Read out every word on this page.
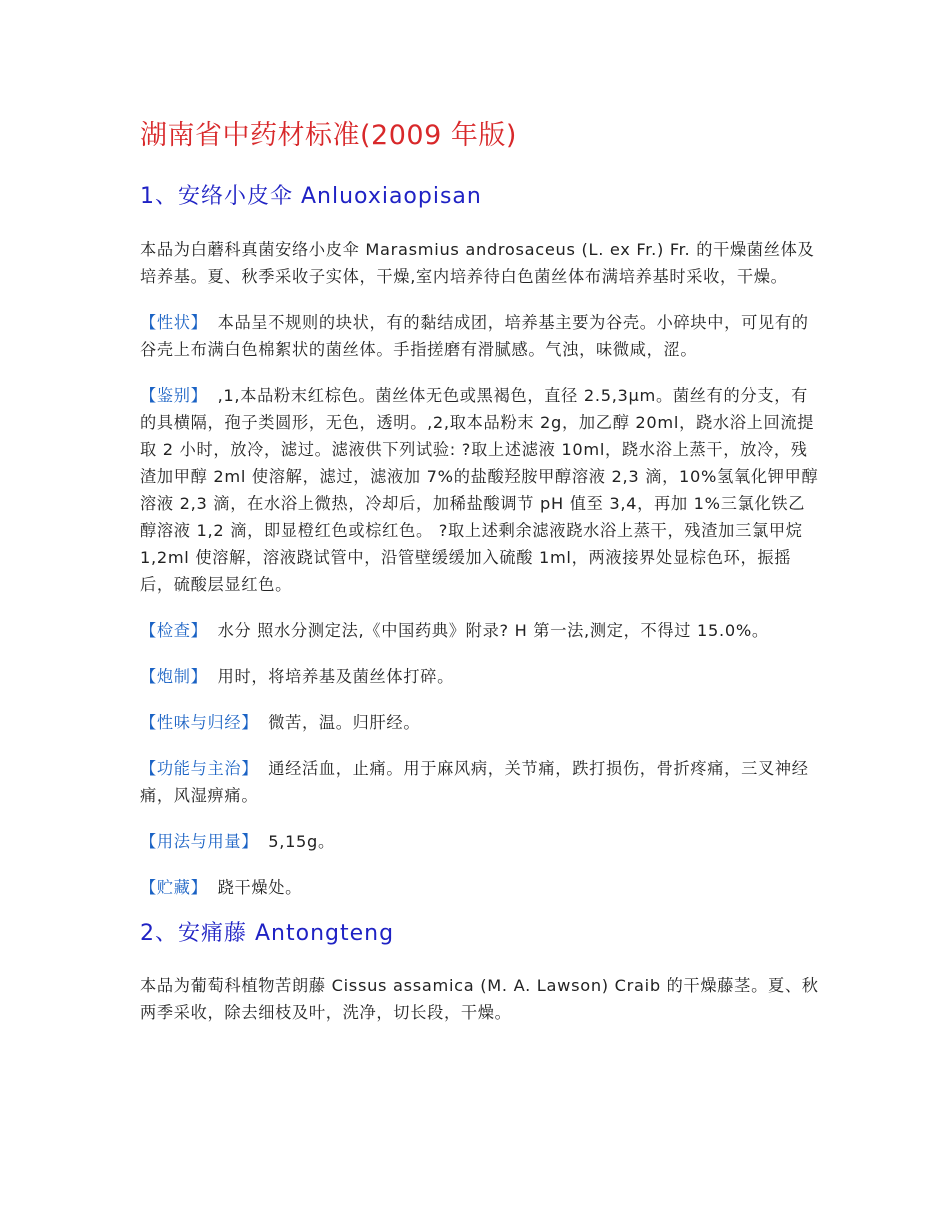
湖南省中药材标准(2009 年版)
1、安络小皮伞 Anluoxiaopisan

本品为白蘑科真菌安络小皮伞 Marasmius androsaceus (L. ex Fr.) Fr. 的干燥菌丝体及培养基。夏、秋季采收子实体，干燥,室内培养待白色菌丝体布满培养基时采收，干燥。

【性状】 本品呈不规则的块状，有的黏结成团，培养基主要为谷壳。小碎块中，可见有的谷壳上布满白色棉絮状的菌丝体。手指搓磨有滑腻感。气浊，味微咸，涩。

【鉴别】 ,1,本品粉末红棕色。菌丝体无色或黑褐色，直径 2.5,3μm。菌丝有的分支，有的具横隔，孢子类圆形，无色，透明。,2,取本品粉末 2g，加乙醇 20ml，跷水浴上回流提取 2 小时，放冷，滤过。滤液供下列试验: ?取上述滤液 10ml，跷水浴上蒸干，放冷，残渣加甲醇 2ml 使溶解，滤过，滤液加 7%的盐酸羟胺甲醇溶液 2,3 滴，10%氢氧化钾甲醇溶液 2,3 滴，在水浴上微热，冷却后，加稀盐酸调节 pH 值至 3,4，再加 1%三氯化铁乙醇溶液 1,2 滴，即显橙红色或棕红色。 ?取上述剩余滤液跷水浴上蒸干，残渣加三氯甲烷 1,2ml 使溶解，溶液跷试管中，沿管壁缓缓加入硫酸 1ml，两液接界处显棕色环，振摇后，硫酸层显红色。

【检查】 水分 照水分测定法,《中国药典》附录? H 第一法,测定，不得过 15.0%。

【炮制】 用时，将培养基及菌丝体打碎。

【性味与归经】 微苦，温。归肝经。

【功能与主治】 通经活血，止痛。用于麻风病，关节痛，跌打损伤，骨折疼痛，三叉神经痛，风湿痹痛。

【用法与用量】 5,15g。

【贮藏】 跷干燥处。

2、安痛藤 Antongteng

本品为葡萄科植物苦朗藤 Cissus assamica (M. A. Lawson) Craib 的干燥藤茎。夏、秋两季采收，除去细枝及叶，洗净，切长段，干燥。
